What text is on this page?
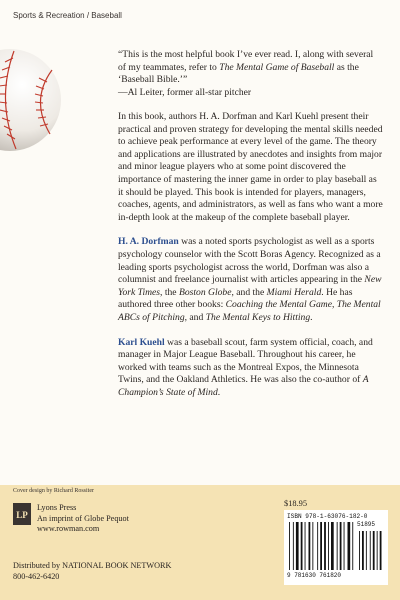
Sports & Recreation / Baseball
“This is the most helpful book I’ve ever read. I, along with several of my teammates, refer to The Mental Game of Baseball as the ‘Baseball Bible.’”
—Al Leiter, former all-star pitcher

In this book, authors H. A. Dorfman and Karl Kuehl present their practical and proven strategy for developing the mental skills needed to achieve peak performance at every level of the game. The theory and applications are illustrated by anecdotes and insights from major and minor league players who at some point discovered the importance of mastering the inner game in order to play baseball as it should be played. This book is intended for players, managers, coaches, agents, and administrators, as well as fans who want a more in-depth look at the makeup of the complete baseball player.

H. A. Dorfman was a noted sports psychologist as well as a sports psychology counselor with the Scott Boras Agency. Recognized as a leading sports psychologist across the world, Dorfman was also a columnist and freelance journalist with articles appearing in the New York Times, the Boston Globe, and the Miami Herald. He has authored three other books: Coaching the Mental Game, The Mental ABCs of Pitching, and The Mental Keys to Hitting.

Karl Kuehl was a baseball scout, farm system official, coach, and manager in Major League Baseball. Throughout his career, he worked with teams such as the Montreal Expos, the Minnesota Twins, and the Oakland Athletics. He was also the co-author of A Champion’s State of Mind.

Cover design by Richard Rossiter
LP
Lyons Press
An imprint of Globe Pequot
www.rowman.com
Distributed by NATIONAL BOOK NETWORK
800-462-6420
$18.95
ISBN 978-1-63076-182-0
51895
9 781630 761820
